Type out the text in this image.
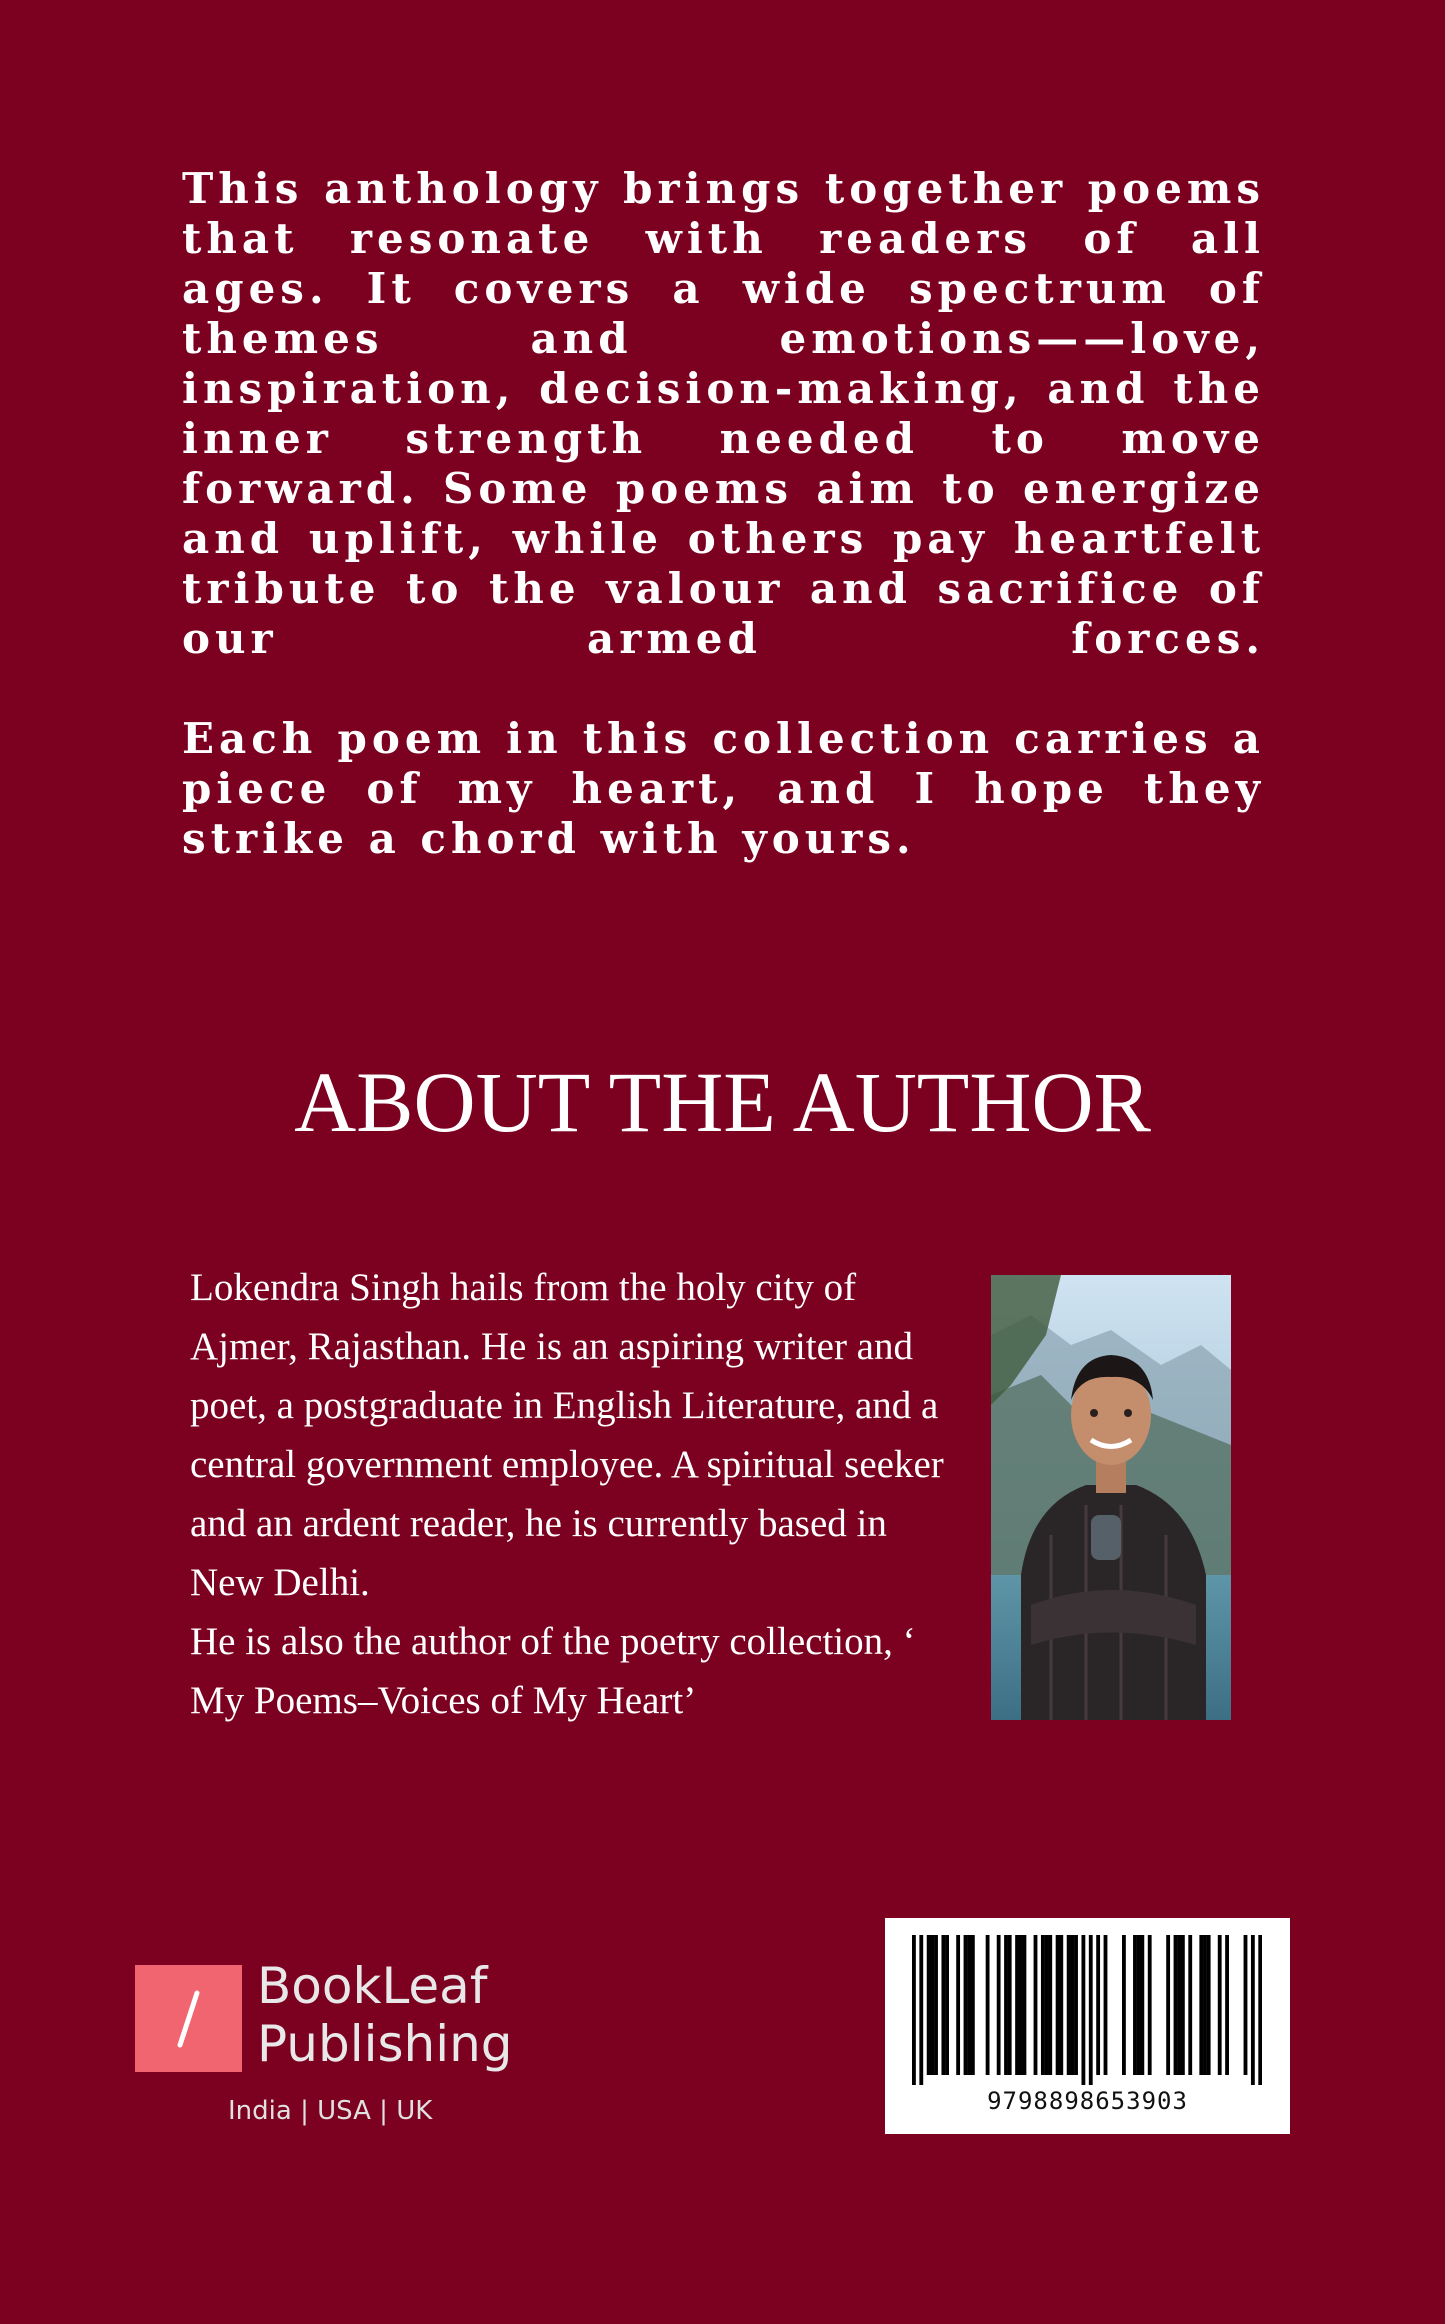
This anthology brings together poems that resonate with readers of all ages. It covers a wide spectrum of themes and emotions——love, inspiration, decision-making, and the inner strength needed to move forward. Some poems aim to energize and uplift, while others pay heartfelt tribute to the valour and sacrifice of our armed forces.

Each poem in this collection carries a piece of my heart, and I hope they strike a chord with yours.

ABOUT THE AUTHOR
Lokendra Singh hails from the holy city of Ajmer, Rajasthan. He is an aspiring writer and poet, a postgraduate in English Literature, and a central government employee. A spiritual seeker and an ardent reader, he is currently based in New Delhi.
He is also the author of the poetry collection, ‘ My Poems–Voices of My Heart’
BookLeaf
Publishing
India | USA | UK	9798898653903
